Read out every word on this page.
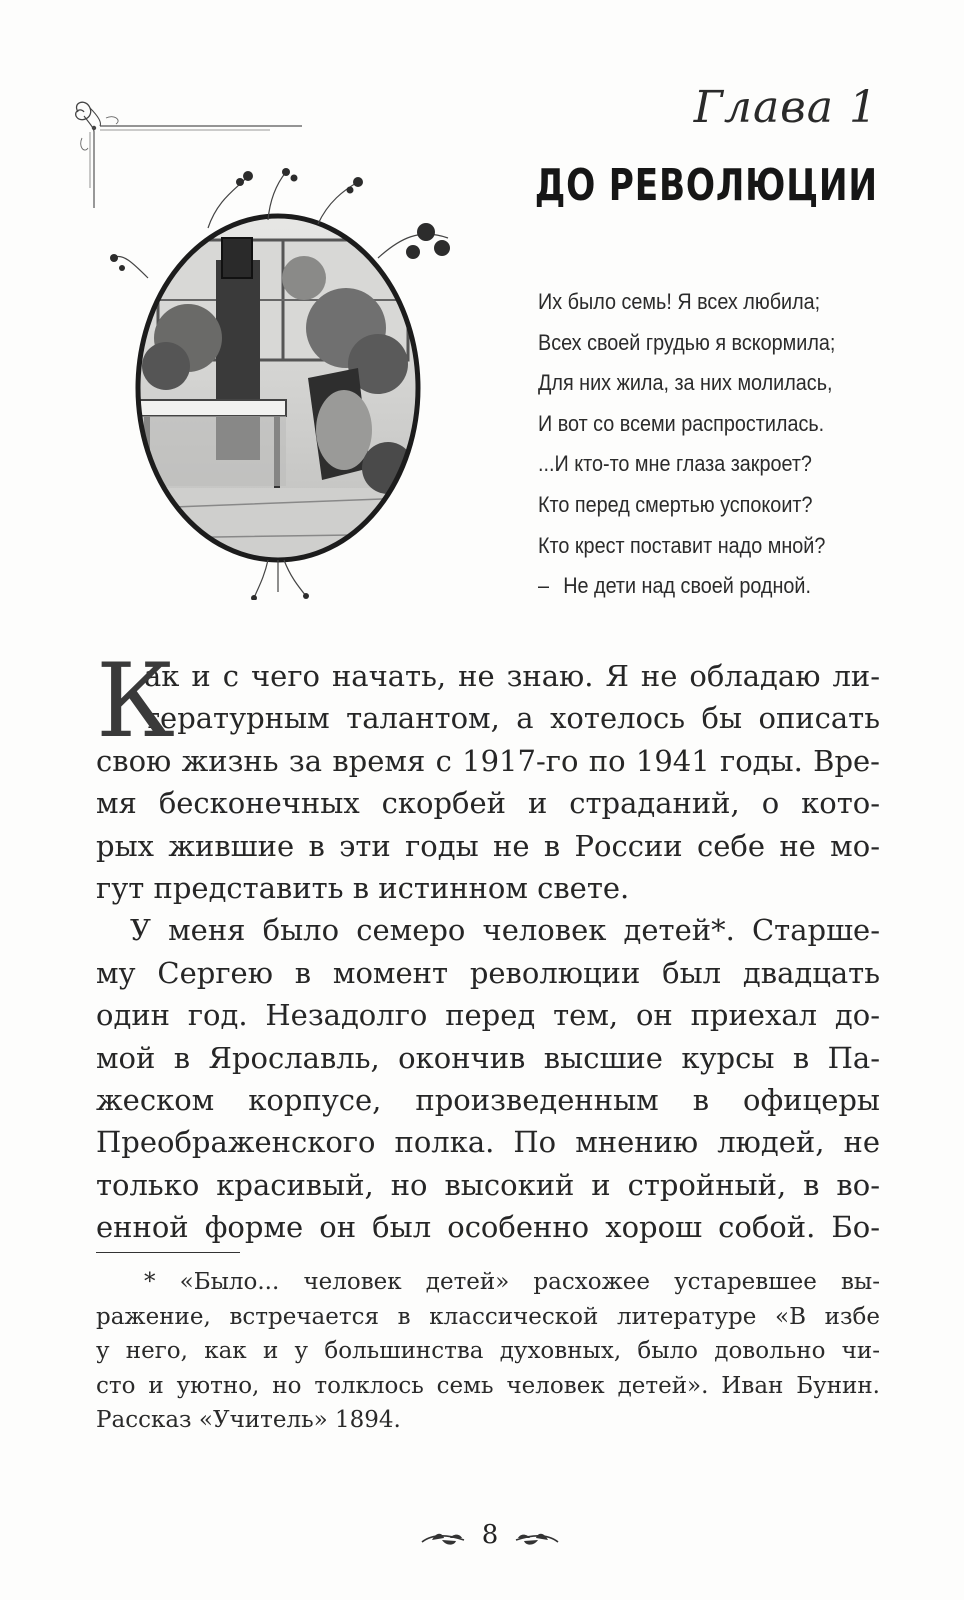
Глава 1
ДО РЕВОЛЮЦИИ
Их было семь! Я всех любила;
Всех своей грудью я вскормила;
Для них жила, за них молилась,
И вот со всеми распростилась.
...И кто-то мне глаза закроет?
Кто перед смертью успокоит?
Кто крест поставит надо мной?
– Не дети над своей родной.
К
ак и с чего начать, не знаю. Я не обладаю ли-
тературным талантом, а хотелось бы описать
свою жизнь за время с 1917-го по 1941 годы. Вре-
мя бесконечных скорбей и страданий, о кото-
рых жившие в эти годы не в России себе не мо-
гут представить в истинном свете.
У меня было семеро человек детей*. Старше-
му Сергею в момент революции был двадцать
один год. Незадолго перед тем, он приехал до-
мой в Ярославль, окончив высшие курсы в Па-
жеском корпусе, произведенным в офицеры
Преображенского полка. По мнению людей, не
только красивый, но высокий и стройный, в во-
енной форме он был особенно хорош собой. Бо-
* «Было... человек детей» расхожее устаревшее вы-
ражение, встречается в классической литературе «В избе
у него, как и у большинства духовных, было довольно чи-
сто и уютно, но толклось семь человек детей». Иван Бунин.
Рассказ «Учитель» 1894.
8
